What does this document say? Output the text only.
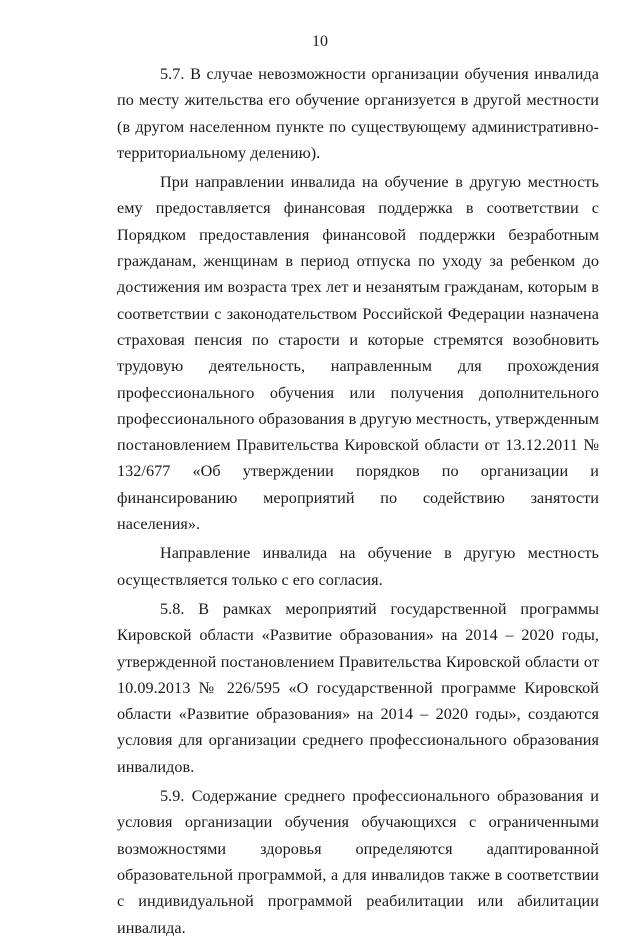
10

5.7. В случае невозможности организации обучения инвалида по месту жительства его обучение организуется в другой местности (в другом населенном пункте по существующему административно-территориальному делению).

При направлении инвалида на обучение в другую местность ему предоставляется финансовая поддержка в соответствии с Порядком предоставления финансовой поддержки безработным гражданам, женщинам в период отпуска по уходу за ребенком до достижения им возраста трех лет и незанятым гражданам, которым в соответствии с законодательством Российской Федерации назначена страховая пенсия по старости и которые стремятся возобновить трудовую деятельность, направленным для прохождения профессионального обучения или получения дополнительного профессионального образования в другую местность, утвержденным постановлением Правительства Кировской области от 13.12.2011 № 132/677 «Об утверждении порядков по организации и финансированию мероприятий по содействию занятости населения».

Направление инвалида на обучение в другую местность осуществляется только с его согласия.

5.8. В рамках мероприятий государственной программы Кировской области «Развитие образования» на 2014 – 2020 годы, утвержденной постановлением Правительства Кировской области от 10.09.2013 № 226/595 «О государственной программе Кировской области «Развитие образования» на 2014 – 2020 годы», создаются условия для организации среднего профессионального образования инвалидов.

5.9. Содержание среднего профессионального образования и условия организации обучения обучающихся с ограниченными возможностями здоровья определяются адаптированной образовательной программой, а для инвалидов также в соответствии с индивидуальной программой реабилитации или абилитации инвалида.
